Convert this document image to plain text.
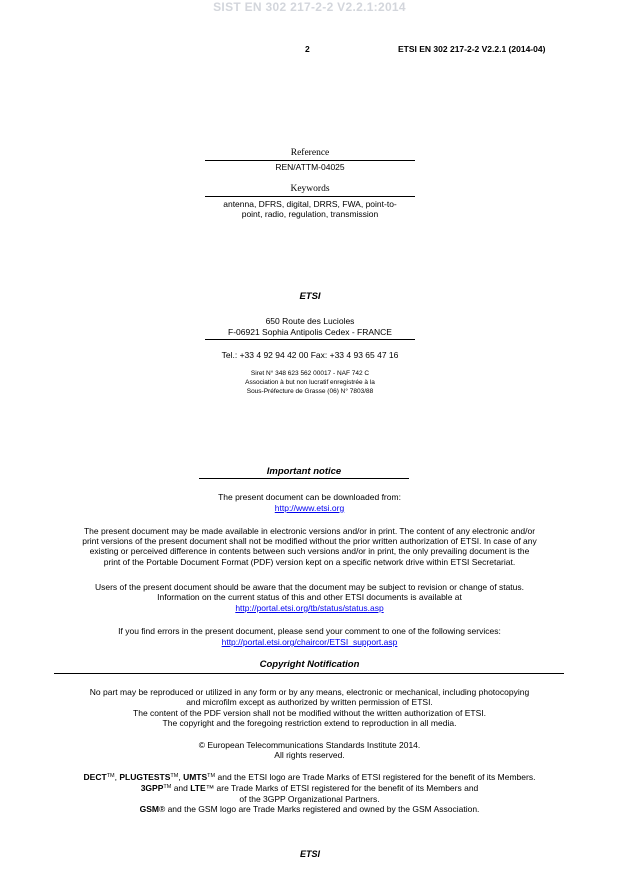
SIST EN 302 217-2-2 V2.2.1:2014
2	ETSI EN 302 217-2-2 V2.2.1 (2014-04)
Reference
REN/ATTM-04025
Keywords
antenna, DFRS, digital, DRRS, FWA, point-to-
point, radio, regulation, transmission
ETSI
650 Route des Lucioles
F-06921 Sophia Antipolis Cedex - FRANCE
Tel.: +33 4 92 94 42 00 Fax: +33 4 93 65 47 16
Siret N° 348 623 562 00017 - NAF 742 C
Association à but non lucratif enregistrée à la
Sous-Préfecture de Grasse (06) N° 7803/88
Important notice
The present document can be downloaded from:
http://www.etsi.org
The present document may be made available in electronic versions and/or in print. The content of any electronic and/or
print versions of the present document shall not be modified without the prior written authorization of ETSI. In case of any
existing or perceived difference in contents between such versions and/or in print, the only prevailing document is the
print of the Portable Document Format (PDF) version kept on a specific network drive within ETSI Secretariat.
Users of the present document should be aware that the document may be subject to revision or change of status.
Information on the current status of this and other ETSI documents is available at
http://portal.etsi.org/tb/status/status.asp
If you find errors in the present document, please send your comment to one of the following services:
http://portal.etsi.org/chaircor/ETSI_support.asp
Copyright Notification
No part may be reproduced or utilized in any form or by any means, electronic or mechanical, including photocopying
and microfilm except as authorized by written permission of ETSI.
The content of the PDF version shall not be modified without the written authorization of ETSI.
The copyright and the foregoing restriction extend to reproduction in all media.
© European Telecommunications Standards Institute 2014.
All rights reserved.
DECT™, PLUGTESTS™, UMTS™ and the ETSI logo are Trade Marks of ETSI registered for the benefit of its Members.
3GPP™ and LTE™ are Trade Marks of ETSI registered for the benefit of its Members and
of the 3GPP Organizational Partners.
GSM® and the GSM logo are Trade Marks registered and owned by the GSM Association.
ETSI
